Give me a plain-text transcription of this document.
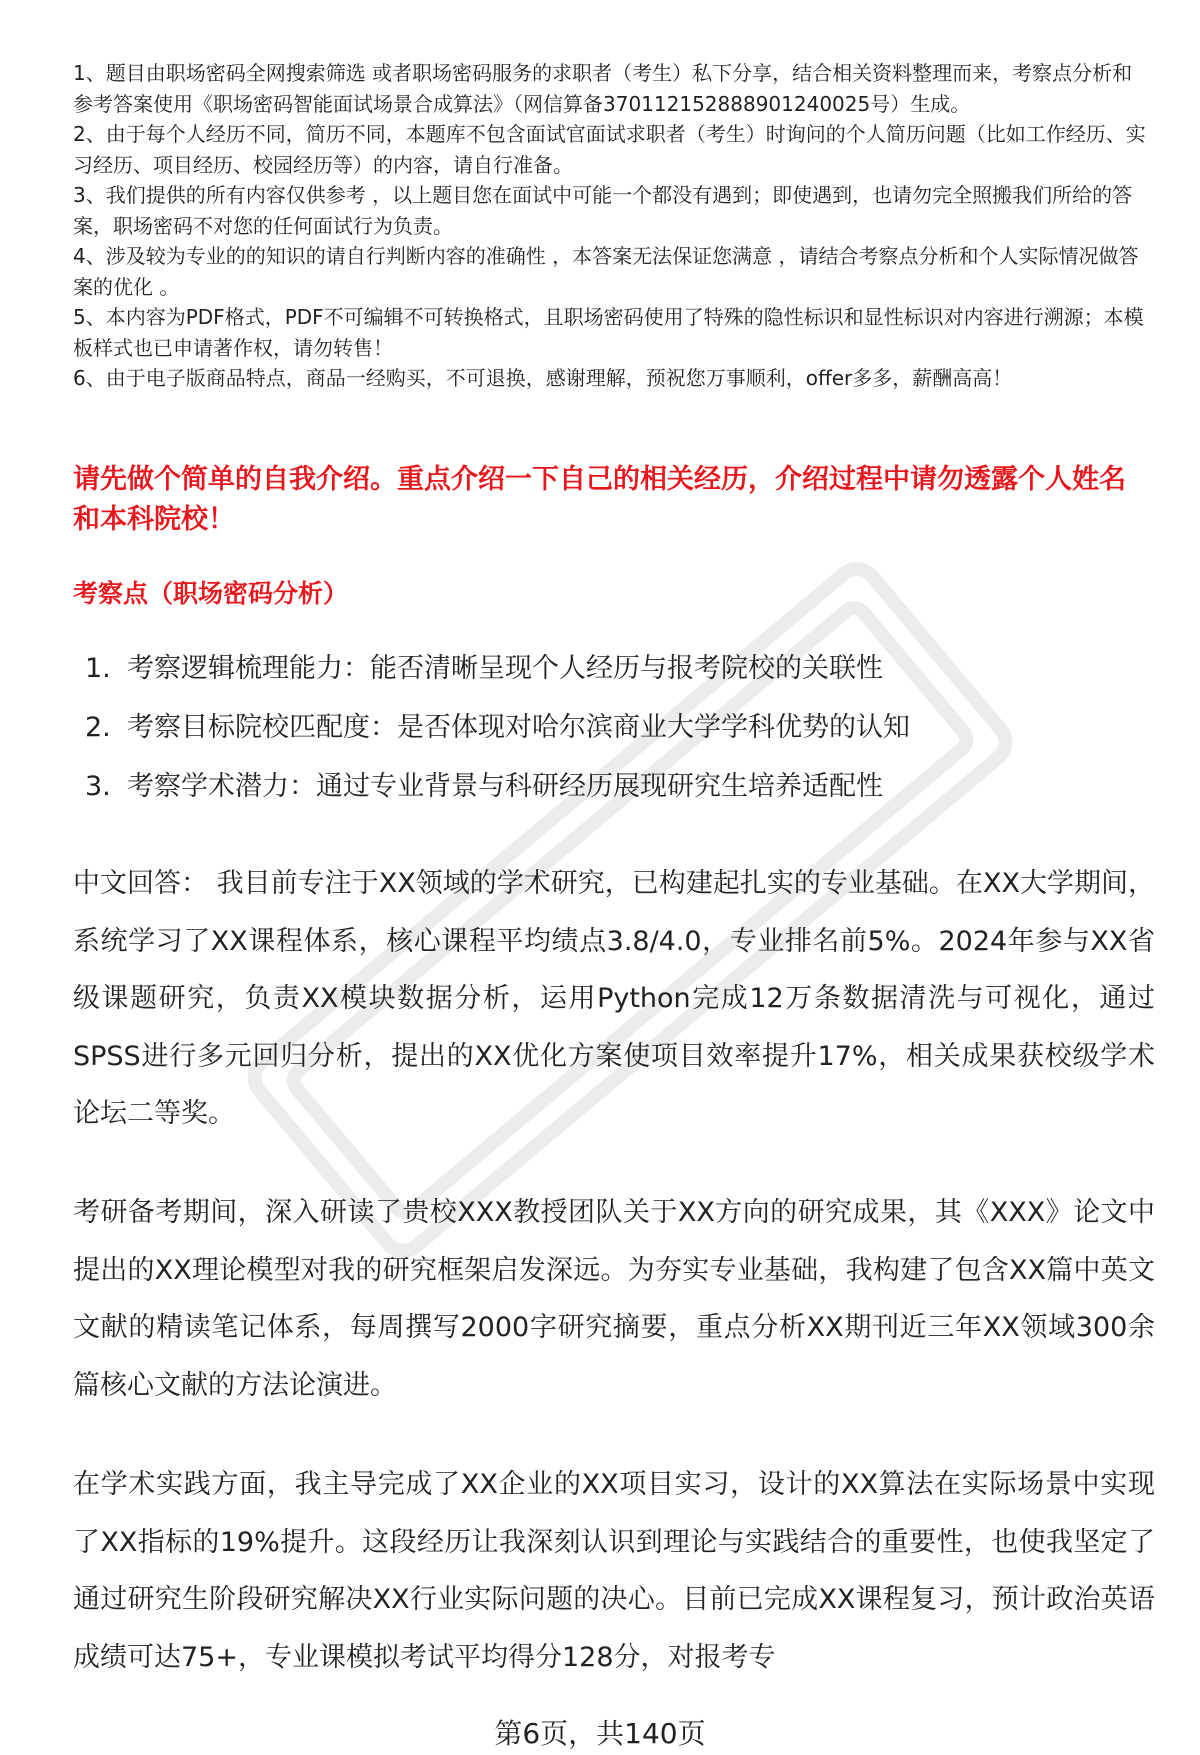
1、题目由职场密码全网搜索筛选 或者职场密码服务的求职者（考生）私下分享，结合相关资料整理而来，考察点分析和参考答案使用《职场密码智能面试场景合成算法》（网信算备370112152888901240025号）生成。

2、由于每个人经历不同，简历不同，本题库不包含面试官面试求职者（考生）时询问的个人简历问题（比如工作经历、实习经历、项目经历、校园经历等）的内容，请自行准备。

3、我们提供的所有内容仅供参考 ，以上题目您在面试中可能一个都没有遇到；即使遇到，也请勿完全照搬我们所给的答案，职场密码不对您的任何面试行为负责。

4、涉及较为专业的的知识的请自行判断内容的准确性 ，本答案无法保证您满意 ，请结合考察点分析和个人实际情况做答案的优化 。

5、本内容为PDF格式，PDF不可编辑不可转换格式，且职场密码使用了特殊的隐性标识和显性标识对内容进行溯源；本模板样式也已申请著作权，请勿转售！

6、由于电子版商品特点，商品一经购买，不可退换，感谢理解，预祝您万事顺利，offer多多，薪酬高高！

请先做个简单的自我介绍。重点介绍一下自己的相关经历，介绍过程中请勿透露个人姓名和本科院校！
考察点（职场密码分析）
1. 考察逻辑梳理能力：能否清晰呈现个人经历与报考院校的关联性
2. 考察目标院校匹配度：是否体现对哈尔滨商业大学学科优势的认知
3. 考察学术潜力：通过专业背景与科研经历展现研究生培养适配性

中文回答： 我目前专注于XX领域的学术研究，已构建起扎实的专业基础。在XX大学期间，系统学习了XX课程体系，核心课程平均绩点3.8/4.0，专业排名前5%。2024年参与XX省级课题研究，负责XX模块数据分析，运用Python完成12万条数据清洗与可视化，通过SPSS进行多元回归分析，提出的XX优化方案使项目效率提升17%，相关成果获校级学术论坛二等奖。

考研备考期间，深入研读了贵校XXX教授团队关于XX方向的研究成果，其《XXX》论文中提出的XX理论模型对我的研究框架启发深远。为夯实专业基础，我构建了包含XX篇中英文文献的精读笔记体系，每周撰写2000字研究摘要，重点分析XX期刊近三年XX领域300余篇核心文献的方法论演进。

在学术实践方面，我主导完成了XX企业的XX项目实习，设计的XX算法在实际场景中实现了XX指标的19%提升。这段经历让我深刻认识到理论与实践结合的重要性，也使我坚定了通过研究生阶段研究解决XX行业实际问题的决心。目前已完成XX课程复习，预计政治英语成绩可达75+，专业课模拟考试平均得分128分，对报考专

第6页，共140页
